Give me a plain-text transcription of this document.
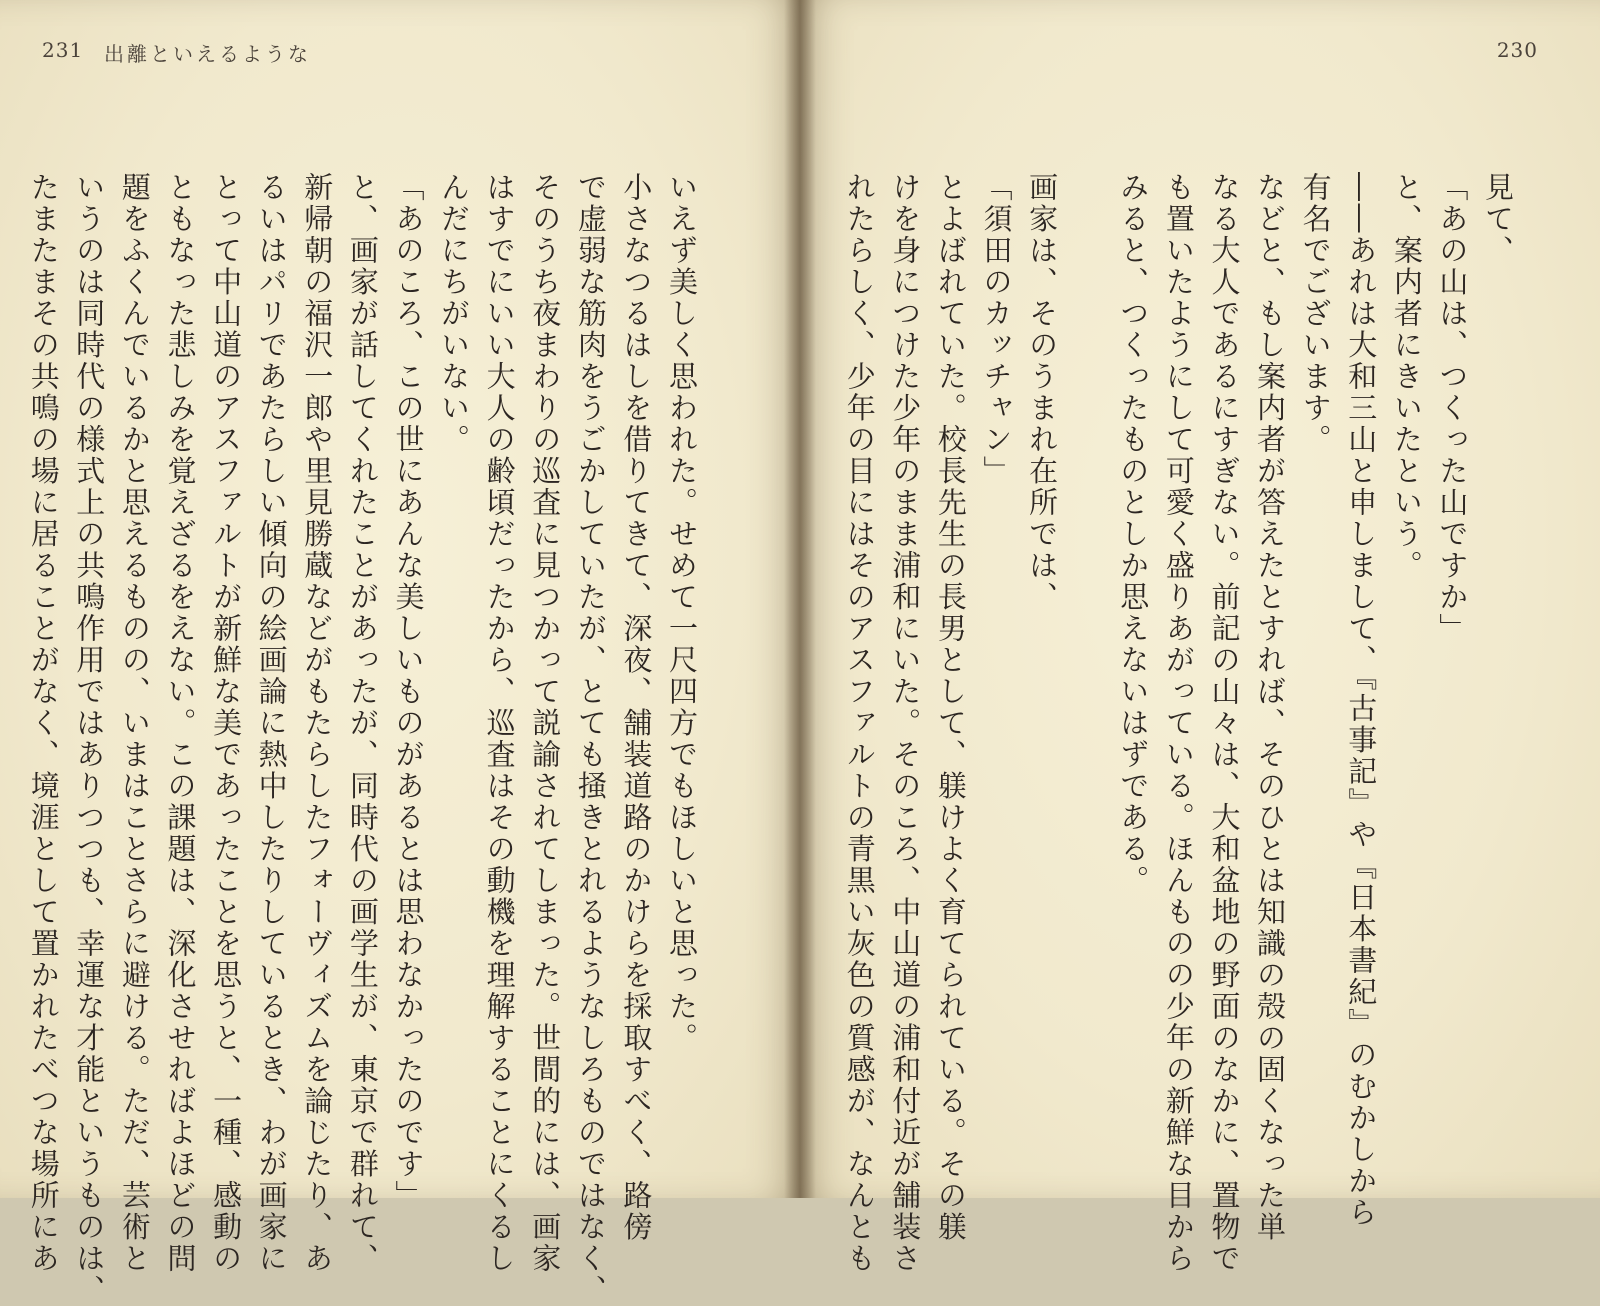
231 出離といえるような
いえず美しく思われた。せめて一尺四方でもほしいと思った。
小さなつるはしを借りてきて、深夜、舗装道路のかけらを採取すべく、路傍
で虚弱な筋肉をうごかしていたが、とても掻きとれるようなしろものではなく、
そのうち夜まわりの巡査に見つかって説諭されてしまった。世間的には、画家
はすでにいい大人の齢頃だったから、巡査はその動機を理解することにくるし
んだにちがいない。
「あのころ、この世にあんな美しいものがあるとは思わなかったのです」
と、画家が話してくれたことがあったが、同時代の画学生が、東京で群れて、
新帰朝の福沢一郎や里見勝蔵などがもたらしたフォーヴィズムを論じたり、あ
るいはパリであたらしい傾向の絵画論に熱中したりしているとき、わが画家に
とって中山道のアスファルトが新鮮な美であったことを思うと、一種、感動の
ともなった悲しみを覚えざるをえない。この課題は、深化させればよほどの問
題をふくんでいるかと思えるものの、いまはことさらに避ける。ただ、芸術と
いうのは同時代の様式上の共鳴作用ではありつつも、幸運な才能というものは、
たまたまその共鳴の場に居ることがなく、境涯として置かれたべつな場所にあ
230
見て、
「あの山は、つくった山ですか」
と、案内者にきいたという。
――あれは大和三山と申しまして、『古事記』や『日本書紀』のむかしから
有名でございます。
などと、もし案内者が答えたとすれば、そのひとは知識の殻の固くなった単
なる大人であるにすぎない。前記の山々は、大和盆地の野面のなかに、置物で
も置いたようにして可愛く盛りあがっている。ほんものの少年の新鮮な目から
みると、つくったものとしか思えないはずである。
画家は、そのうまれ在所では、
「須田のカッチャン」
とよばれていた。校長先生の長男として、躾けよく育てられている。その躾
けを身につけた少年のまま浦和にいた。そのころ、中山道の浦和付近が舗装さ
れたらしく、少年の目にはそのアスファルトの青黒い灰色の質感が、なんとも
